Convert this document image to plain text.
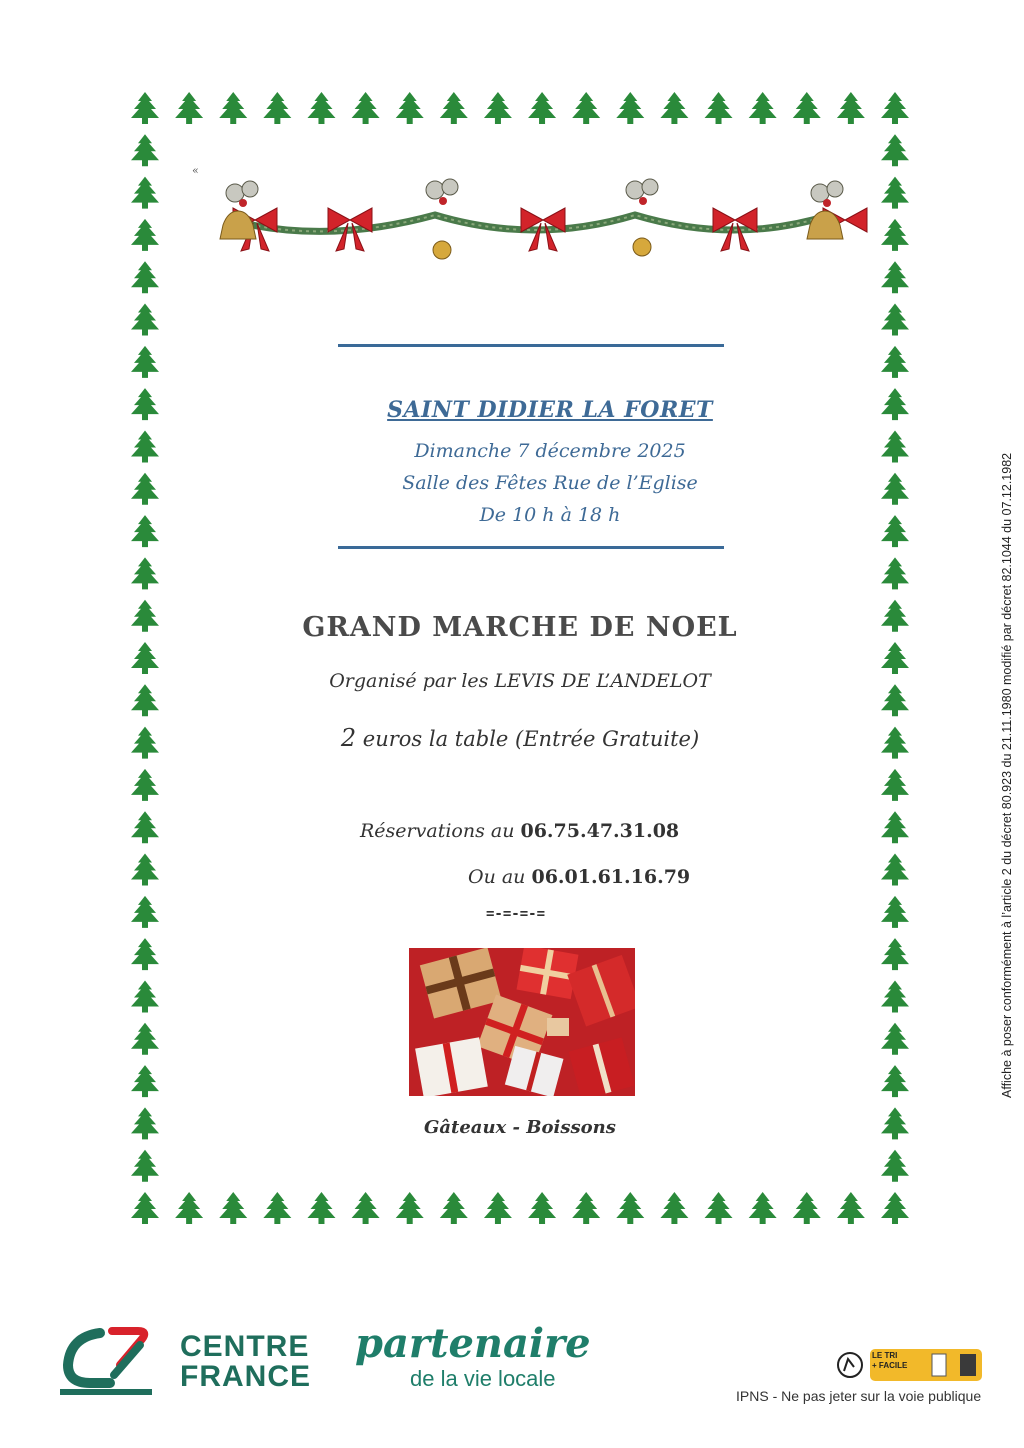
«
SAINT DIDIER LA FORET
Dimanche 7 décembre 2025
Salle des Fêtes Rue de l’Eglise
De 10 h à 18 h
GRAND MARCHE DE NOEL
Organisé par les LEVIS DE L’ANDELOT
2 euros la table (Entrée Gratuite)
Réservations au 06.75.47.31.08
Ou au 06.01.61.16.79
=-=-=-=
Gâteaux - Boissons
Affiche à poser conformément à l’article 2 du décret 80.923 du 21.11.1980 modifié par décret 82.1044 du 07.12.1982
CENTRE
FRANCE
partenaire
de la vie locale
LE TRI
+ FACILE
IPNS - Ne pas jeter sur la voie publique
